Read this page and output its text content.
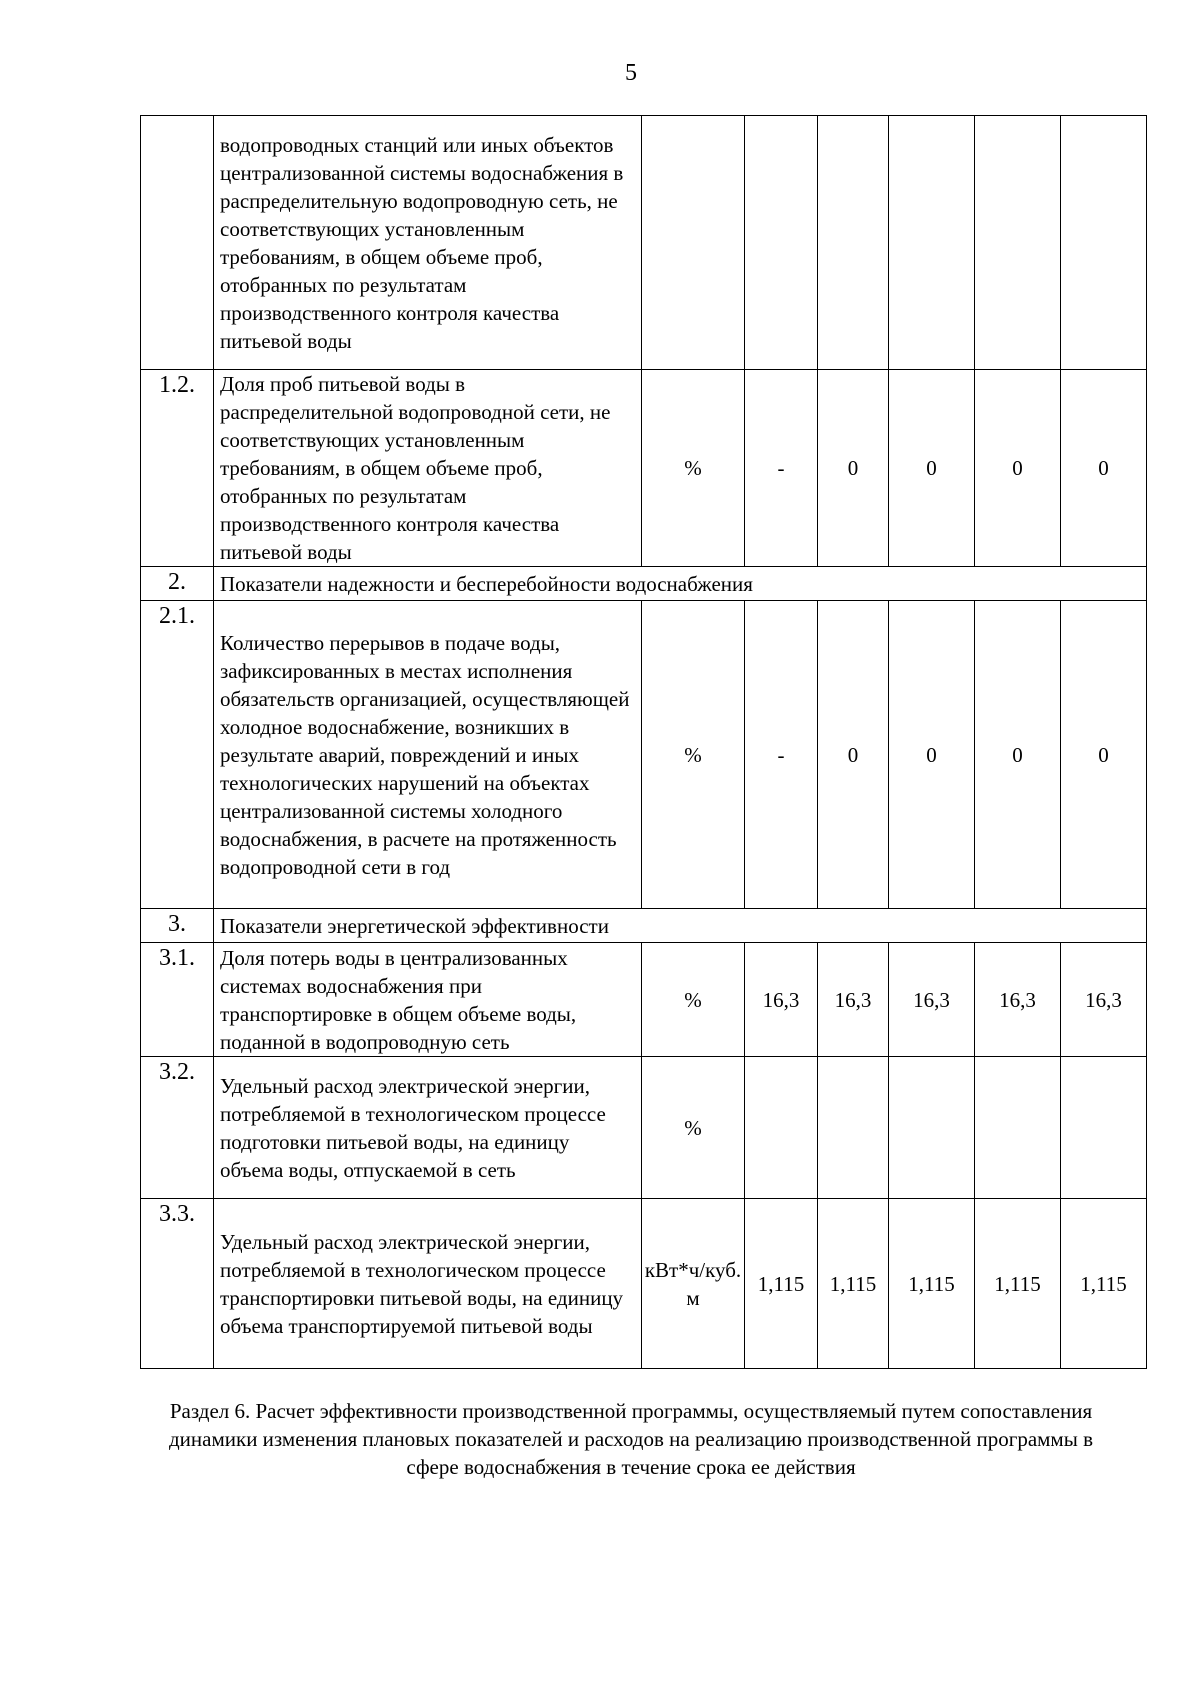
5
	водопроводных станций или иных объектов централизованной системы водоснабжения в распределительную водопроводную сеть, не соответствующих установленным требованиям, в общем объеме проб, отобранных по результатам производственного контроля качества питьевой воды						
1.2.	Доля проб питьевой воды в распределительной водопроводной сети, не соответствующих установленным требованиям, в общем объеме проб, отобранных по результатам производственного контроля качества питьевой воды	%	-	0	0	0	0
2.	Показатели надежности и бесперебойности водоснабжения						
2.1.	Количество перерывов в подаче воды, зафиксированных в местах исполнения обязательств организацией, осуществляющей холодное водоснабжение, возникших в результате аварий, повреждений и иных технологических нарушений на объектах централизованной системы холодного водоснабжения, в расчете на протяженность водопроводной сети в год	%	-	0	0	0	0
3.	Показатели энергетической эффективности						
3.1.	Доля потерь воды в централизованных системах водоснабжения при транспортировке в общем объеме воды, поданной в водопроводную сеть	%	16,3	16,3	16,3	16,3	16,3
3.2.	Удельный расход электрической энергии, потребляемой в технологическом процессе подготовки питьевой воды, на единицу объема воды, отпускаемой в сеть	%					
3.3.	Удельный расход электрической энергии, потребляемой в технологическом процессе транспортировки питьевой воды, на единицу объема транспортируемой питьевой воды	кВт*ч/куб. м	1,115	1,115	1,115	1,115	1,115
Раздел 6. Расчет эффективности производственной программы, осуществляемый путем сопоставления динамики изменения плановых показателей и расходов на реализацию производственной программы в сфере водоснабжения в течение срока ее действия
